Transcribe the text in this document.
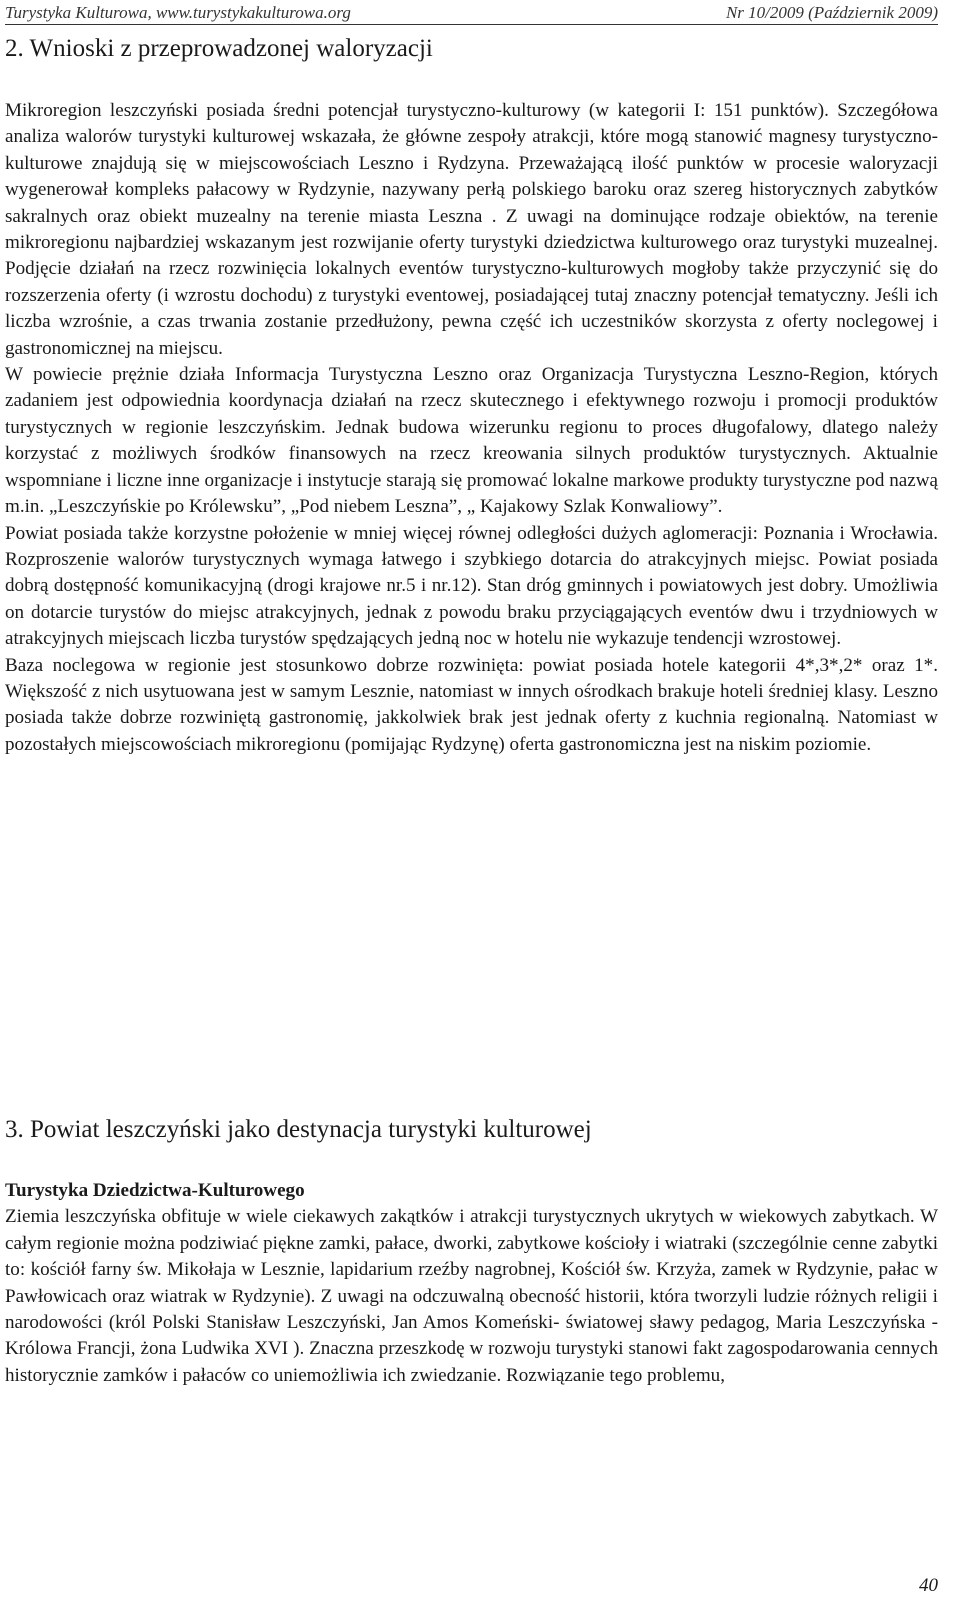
Turystyka Kulturowa, www.turystykakulturowa.org	Nr 10/2009 (Październik 2009)
2. Wnioski z przeprowadzonej waloryzacji

Mikroregion leszczyński posiada średni potencjał turystyczno-kulturowy (w kategorii I: 151 punktów). Szczegółowa analiza walorów turystyki kulturowej wskazała, że główne zespoły atrakcji, które mogą stanowić magnesy turystyczno-kulturowe znajdują się w miejscowościach Leszno i Rydzyna. Przeważającą ilość punktów w procesie waloryzacji wygenerował kompleks pałacowy w Rydzynie, nazywany perłą polskiego baroku oraz szereg historycznych zabytków sakralnych oraz obiekt muzealny na terenie miasta Leszna . Z uwagi na dominujące rodzaje obiektów, na terenie mikroregionu najbardziej wskazanym jest rozwijanie oferty turystyki dziedzictwa kulturowego oraz turystyki muzealnej. Podjęcie działań na rzecz rozwinięcia lokalnych eventów turystyczno-kulturowych mogłoby także przyczynić się do rozszerzenia oferty (i wzrostu dochodu) z turystyki eventowej, posiadającej tutaj znaczny potencjał tematyczny. Jeśli ich liczba wzrośnie, a czas trwania zostanie przedłużony, pewna część ich uczestników skorzysta z oferty noclegowej i gastronomicznej na miejscu.

W powiecie prężnie działa Informacja Turystyczna Leszno oraz Organizacja Turystyczna Leszno-Region, których zadaniem jest odpowiednia koordynacja działań na rzecz skutecznego i efektywnego rozwoju i promocji produktów turystycznych w regionie leszczyńskim. Jednak budowa wizerunku regionu to proces długofalowy, dlatego należy korzystać z możliwych środków finansowych na rzecz kreowania silnych produktów turystycznych. Aktualnie wspomniane i liczne inne organizacje i instytucje starają się promować lokalne markowe produkty turystyczne pod nazwą m.in. „Leszczyńskie po Królewsku”, „Pod niebem Leszna”, „ Kajakowy Szlak Konwaliowy”.

Powiat posiada także korzystne położenie w mniej więcej równej odległości dużych aglomeracji: Poznania i Wrocławia. Rozproszenie walorów turystycznych wymaga łatwego i szybkiego dotarcia do atrakcyjnych miejsc. Powiat posiada dobrą dostępność komunikacyjną (drogi krajowe nr.5 i nr.12). Stan dróg gminnych i powiatowych jest dobry. Umożliwia on dotarcie turystów do miejsc atrakcyjnych, jednak z powodu braku przyciągających eventów dwu i trzydniowych w atrakcyjnych miejscach liczba turystów spędzających jedną noc w hotelu nie wykazuje tendencji wzrostowej.

Baza noclegowa w regionie jest stosunkowo dobrze rozwinięta: powiat posiada hotele kategorii 4*,3*,2* oraz 1*. Większość z nich usytuowana jest w samym Lesznie, natomiast w innych ośrodkach brakuje hoteli średniej klasy. Leszno posiada także dobrze rozwiniętą gastronomię, jakkolwiek brak jest jednak oferty z kuchnia regionalną. Natomiast w pozostałych miejscowościach mikroregionu (pomijając Rydzynę) oferta gastronomiczna jest na niskim poziomie.

3. Powiat leszczyński jako destynacja turystyki kulturowej

Turystyka Dziedzictwa-Kulturowego

Ziemia leszczyńska obfituje w wiele ciekawych zakątków i atrakcji turystycznych ukrytych w wiekowych zabytkach. W całym regionie można podziwiać piękne zamki, pałace, dworki, zabytkowe kościoły i wiatraki (szczególnie cenne zabytki to: kościół farny św. Mikołaja w Lesznie, lapidarium rzeźby nagrobnej, Kościół św. Krzyża, zamek w Rydzynie, pałac w Pawłowicach oraz wiatrak w Rydzynie). Z uwagi na odczuwalną obecność historii, która tworzyli ludzie różnych religii i narodowości (król Polski Stanisław Leszczyński, Jan Amos Komeński- światowej sławy pedagog, Maria Leszczyńska -Królowa Francji, żona Ludwika XVI ). Znaczna przeszkodę w rozwoju turystyki stanowi fakt zagospodarowania cennych historycznie zamków i pałaców co uniemożliwia ich zwiedzanie. Rozwiązanie tego problemu,

40
